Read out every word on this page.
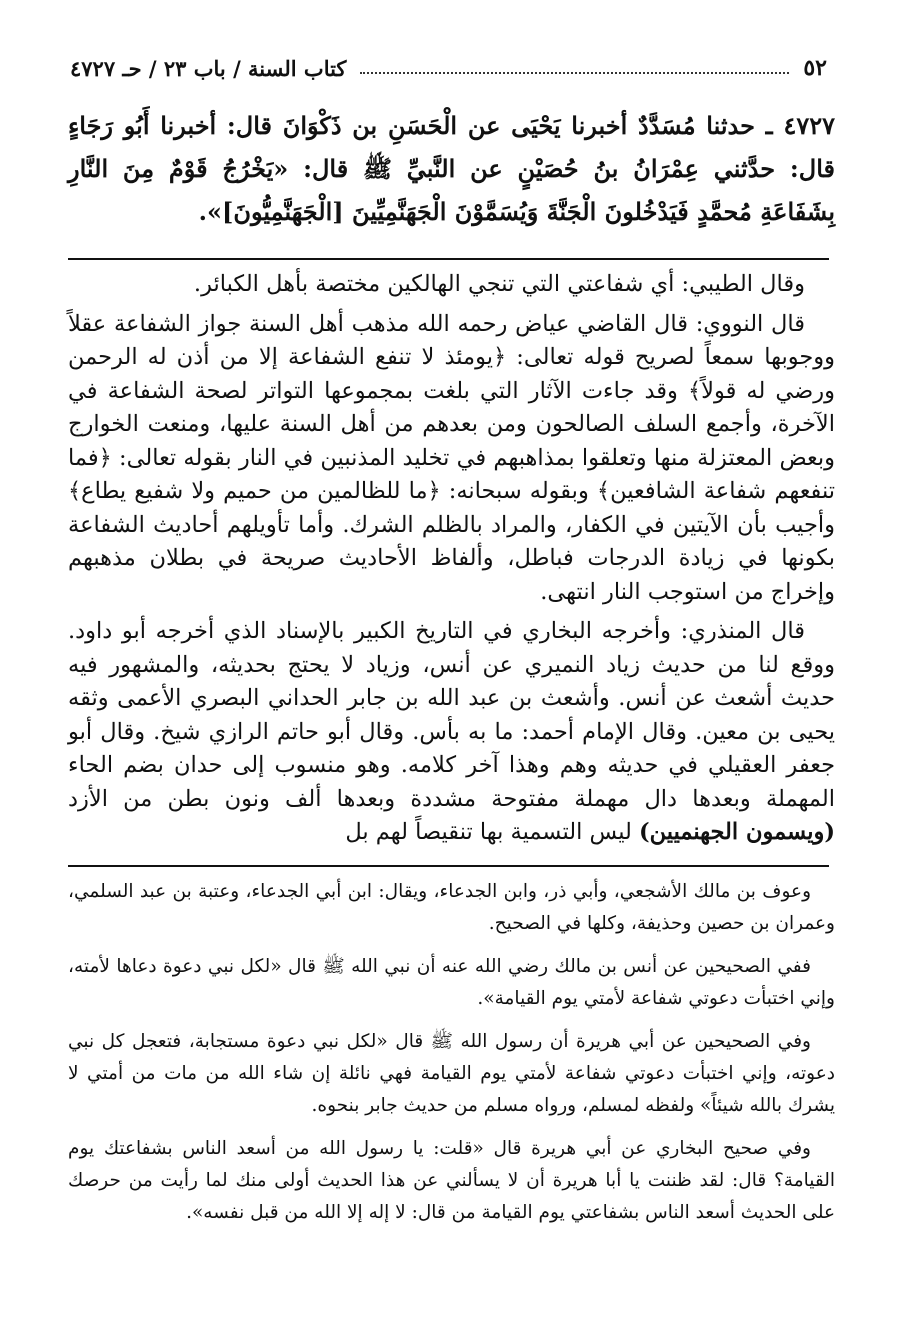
٥٢
كتاب السنة / باب ٢٣ / حـ ٤٧٢٧
٤٧٢٧ ـ حدثنا مُسَدَّدٌ أخبرنا يَحْيَى عن الْحَسَنِ بن ذَكْوَانَ قال: أخبرنا أَبُو رَجَاءٍ قال: حدَّثني عِمْرَانُ بنُ حُصَيْنٍ عن النَّبيِّ ﷺ قال: «يَخْرُجُ قَوْمٌ مِنَ النَّارِ بِشَفَاعَةِ مُحمَّدٍ فَيَدْخُلونَ الْجَنَّةَ وَيُسَمَّوْنَ الْجَهَنَّمِيِّينَ [الْجَهَنَّمِيُّونَ]».

وقال الطيبي: أي شفاعتي التي تنجي الهالكين مختصة بأهل الكبائر.

قال النووي: قال القاضي عياض رحمه الله مذهب أهل السنة جواز الشفاعة عقلاً ووجوبها سمعاً لصريح قوله تعالى: ﴿يومئذ لا تنفع الشفاعة إلا من أذن له الرحمن ورضي له قولاً﴾ وقد جاءت الآثار التي بلغت بمجموعها التواتر لصحة الشفاعة في الآخرة، وأجمع السلف الصالحون ومن بعدهم من أهل السنة عليها، ومنعت الخوارج وبعض المعتزلة منها وتعلقوا بمذاهبهم في تخليد المذنبين في النار بقوله تعالى: ﴿فما تنفعهم شفاعة الشافعين﴾ وبقوله سبحانه: ﴿ما للظالمين من حميم ولا شفيع يطاع﴾ وأجيب بأن الآيتين في الكفار، والمراد بالظلم الشرك. وأما تأويلهم أحاديث الشفاعة بكونها في زيادة الدرجات فباطل، وألفاظ الأحاديث صريحة في بطلان مذهبهم وإخراج من استوجب النار انتهى.

قال المنذري: وأخرجه البخاري في التاريخ الكبير بالإسناد الذي أخرجه أبو داود. ووقع لنا من حديث زياد النميري عن أنس، وزياد لا يحتج بحديثه، والمشهور فيه حديث أشعث عن أنس. وأشعث بن عبد الله بن جابر الحداني البصري الأعمى وثقه يحيى بن معين. وقال الإمام أحمد: ما به بأس. وقال أبو حاتم الرازي شيخ. وقال أبو جعفر العقيلي في حديثه وهم وهذا آخر كلامه. وهو منسوب إلى حدان بضم الحاء المهملة وبعدها دال مهملة مفتوحة مشددة وبعدها ألف ونون بطن من الأزد (ويسمون الجهنميين) ليس التسمية بها تنقيصاً لهم بل

وعوف بن مالك الأشجعي، وأبي ذر، وابن الجدعاء، ويقال: ابن أبي الجدعاء، وعتبة بن عبد السلمي، وعمران بن حصين وحذيفة، وكلها في الصحيح.

ففي الصحيحين عن أنس بن مالك رضي الله عنه أن نبي الله ﷺ قال «لكل نبي دعوة دعاها لأمته، وإني اختبأت دعوتي شفاعة لأمتي يوم القيامة».

وفي الصحيحين عن أبي هريرة أن رسول الله ﷺ قال «لكل نبي دعوة مستجابة، فتعجل كل نبي دعوته، وإني اختبأت دعوتي شفاعة لأمتي يوم القيامة فهي نائلة إن شاء الله من مات من أمتي لا يشرك بالله شيئاً» ولفظه لمسلم، ورواه مسلم من حديث جابر بنحوه.

وفي صحيح البخاري عن أبي هريرة قال «قلت: يا رسول الله من أسعد الناس بشفاعتك يوم القيامة؟ قال: لقد ظننت يا أبا هريرة أن لا يسألني عن هذا الحديث أولى منك لما رأيت من حرصك على الحديث أسعد الناس بشفاعتي يوم القيامة من قال: لا إله إلا الله من قبل نفسه».
